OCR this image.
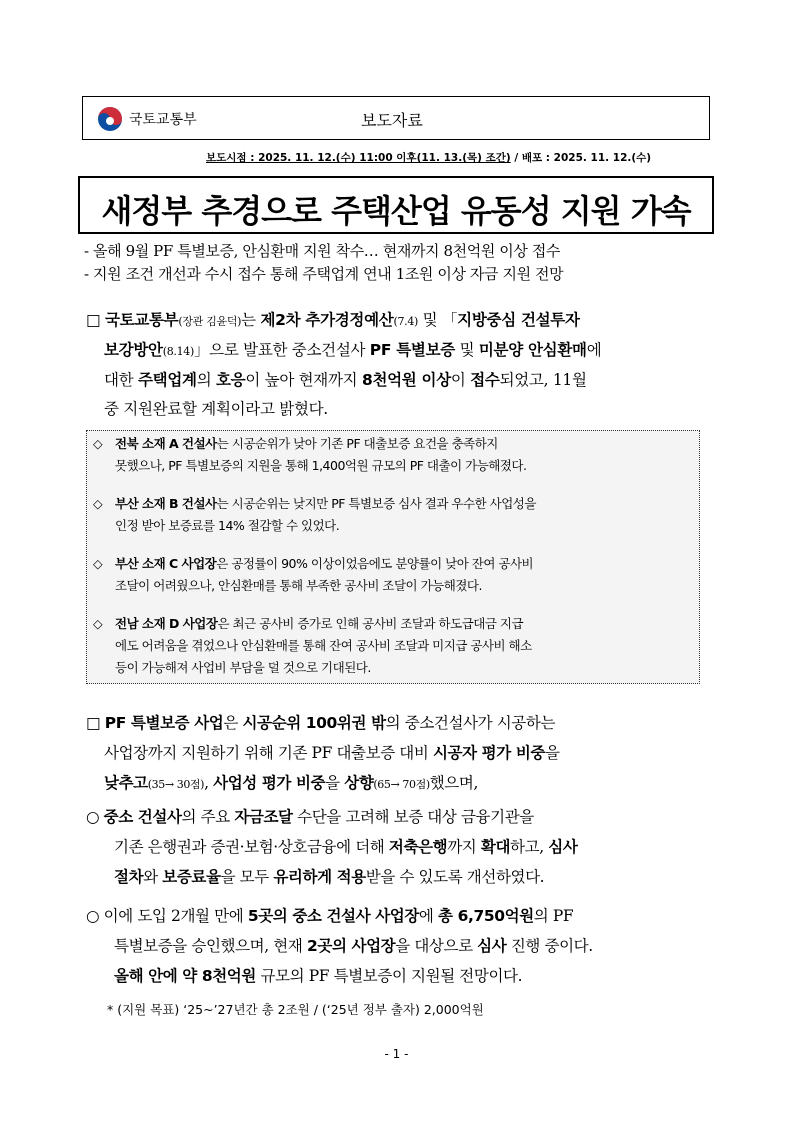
국토교통부	보도자료
보도시점 : 2025. 11. 12.(수) 11:00 이후(11. 13.(목) 조간) / 배포 : 2025. 11. 12.(수)
새정부 추경으로 주택산업 유동성 지원 가속
- 올해 9월 PF 특별보증, 안심환매 지원 착수… 현재까지 8천억원 이상 접수
- 지원 조건 개선과 수시 접수 통해 주택업계 연내 1조원 이상 자금 지원 전망
□ 국토교통부(장관 김윤덕)는 제2차 추가경정예산(7.4) 및 「지방중심 건설투자
보강방안(8.14)」으로 발표한 중소건설사 PF 특별보증 및 미분양 안심환매에
대한 주택업계의 호응이 높아 현재까지 8천억원 이상이 접수되었고, 11월
중 지원완료할 계획이라고 밝혔다.
◇ 전북 소재 A 건설사는 시공순위가 낮아 기존 PF 대출보증 요건을 충족하지
못했으나, PF 특별보증의 지원을 통해 1,400억원 규모의 PF 대출이 가능해졌다.
◇ 부산 소재 B 건설사는 시공순위는 낮지만 PF 특별보증 심사 결과 우수한 사업성을
인정 받아 보증료를 14% 절감할 수 있었다.
◇ 부산 소재 C 사업장은 공정률이 90% 이상이었음에도 분양률이 낮아 잔여 공사비
조달이 어려웠으나, 안심환매를 통해 부족한 공사비 조달이 가능해졌다.
◇ 전남 소재 D 사업장은 최근 공사비 증가로 인해 공사비 조달과 하도급대금 지급
에도 어려움을 겪었으나 안심환매를 통해 잔여 공사비 조달과 미지급 공사비 해소
등이 가능해져 사업비 부담을 덜 것으로 기대된다.
□ PF 특별보증 사업은 시공순위 100위권 밖의 중소건설사가 시공하는
사업장까지 지원하기 위해 기존 PF 대출보증 대비 시공자 평가 비중을
낮추고(35→ 30점), 사업성 평가 비중을 상향(65→ 70점)했으며,
○ 중소 건설사의 주요 자금조달 수단을 고려해 보증 대상 금융기관을
기존 은행권과 증권·보험·상호금융에 더해 저축은행까지 확대하고, 심사
절차와 보증료율을 모두 유리하게 적용받을 수 있도록 개선하였다.
○ 이에 도입 2개월 만에 5곳의 중소 건설사 사업장에 총 6,750억원의 PF
특별보증을 승인했으며, 현재 2곳의 사업장을 대상으로 심사 진행 중이다.
올해 안에 약 8천억원 규모의 PF 특별보증이 지원될 전망이다.
* (지원 목표) ‘25~’27년간 총 2조원 / (‘25년 정부 출자) 2,000억원
- 1 -
